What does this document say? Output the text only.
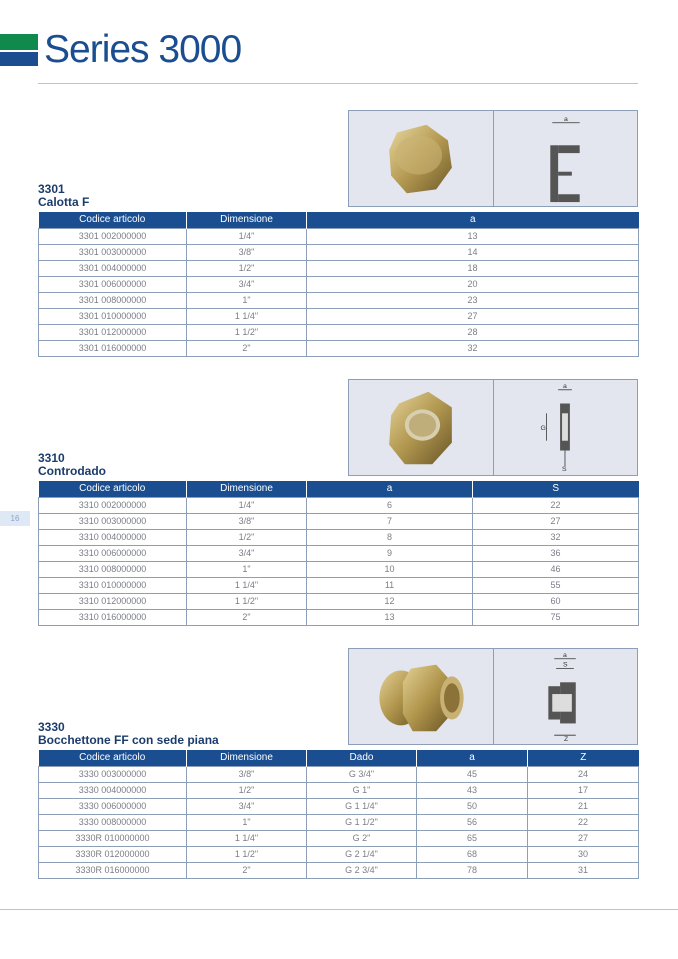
Series 3000
a
3301
Calotta F
Codice articolo	Dimensione	a
3301 002000000	1/4"	13
3301 003000000	3/8"	14
3301 004000000	1/2"	18
3301 006000000	3/4"	20
3301 008000000	1"	23
3301 010000000	1 1/4"	27
3301 012000000	1 1/2"	28
3301 016000000	2"	32
a
G
S
3310
Controdado
Codice articolo	Dimensione	a	S
3310 002000000	1/4"	6	22
3310 003000000	3/8"	7	27
3310 004000000	1/2"	8	32
3310 006000000	3/4"	9	36
3310 008000000	1"	10	46
3310 010000000	1 1/4"	11	55
3310 012000000	1 1/2"	12	60
3310 016000000	2"	13	75
16
a
S
Z
3330
Bocchettone FF con sede piana
Codice articolo	Dimensione	Dado	a	Z
3330 003000000	3/8"	G 3/4"	45	24
3330 004000000	1/2"	G 1"	43	17
3330 006000000	3/4"	G 1 1/4"	50	21
3330 008000000	1"	G 1 1/2"	56	22
3330R 010000000	1 1/4"	G 2"	65	27
3330R 012000000	1 1/2"	G 2 1/4"	68	30
3330R 016000000	2"	G 2 3/4"	78	31
